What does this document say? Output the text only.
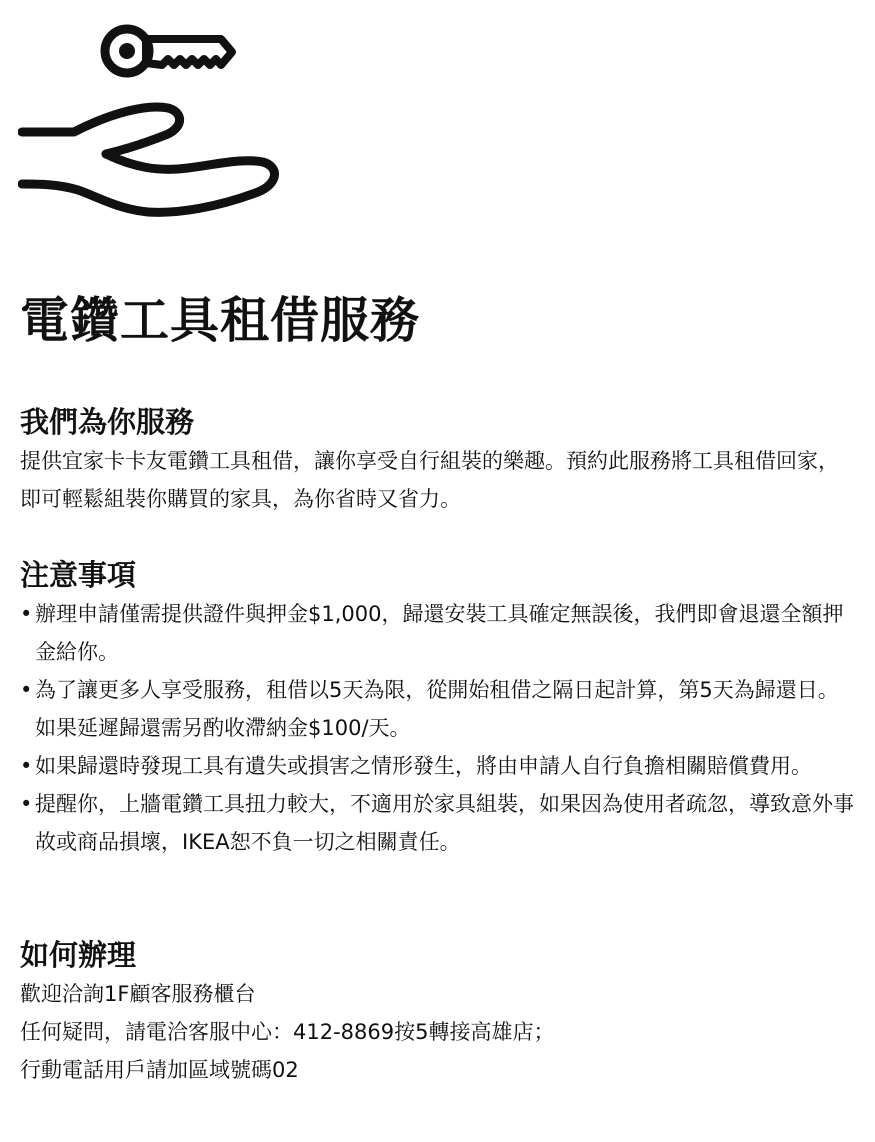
電鑽工具租借服務
我們為你服務

提供宜家卡卡友電鑽工具租借，讓你享受自行組裝的樂趣。預約此服務將工具租借回家，即可輕鬆組裝你購買的家具，為你省時又省力。

注意事項
• 辦理申請僅需提供證件與押金$1,000，歸還安裝工具確定無誤後，我們即會退還全額押金給你。
• 為了讓更多人享受服務，租借以5天為限，從開始租借之隔日起計算，第5天為歸還日。如果延遲歸還需另酌收滯納金$100/天。
• 如果歸還時發現工具有遺失或損害之情形發生，將由申請人自行負擔相關賠償費用。
• 提醒你，上牆電鑽工具扭力較大，不適用於家具組裝，如果因為使用者疏忽，導致意外事故或商品損壞，IKEA恕不負一切之相關責任。
如何辦理

歡迎洽詢1F顧客服務櫃台
任何疑問，請電洽客服中心：412-8869按5轉接高雄店；
行動電話用戶請加區域號碼02
